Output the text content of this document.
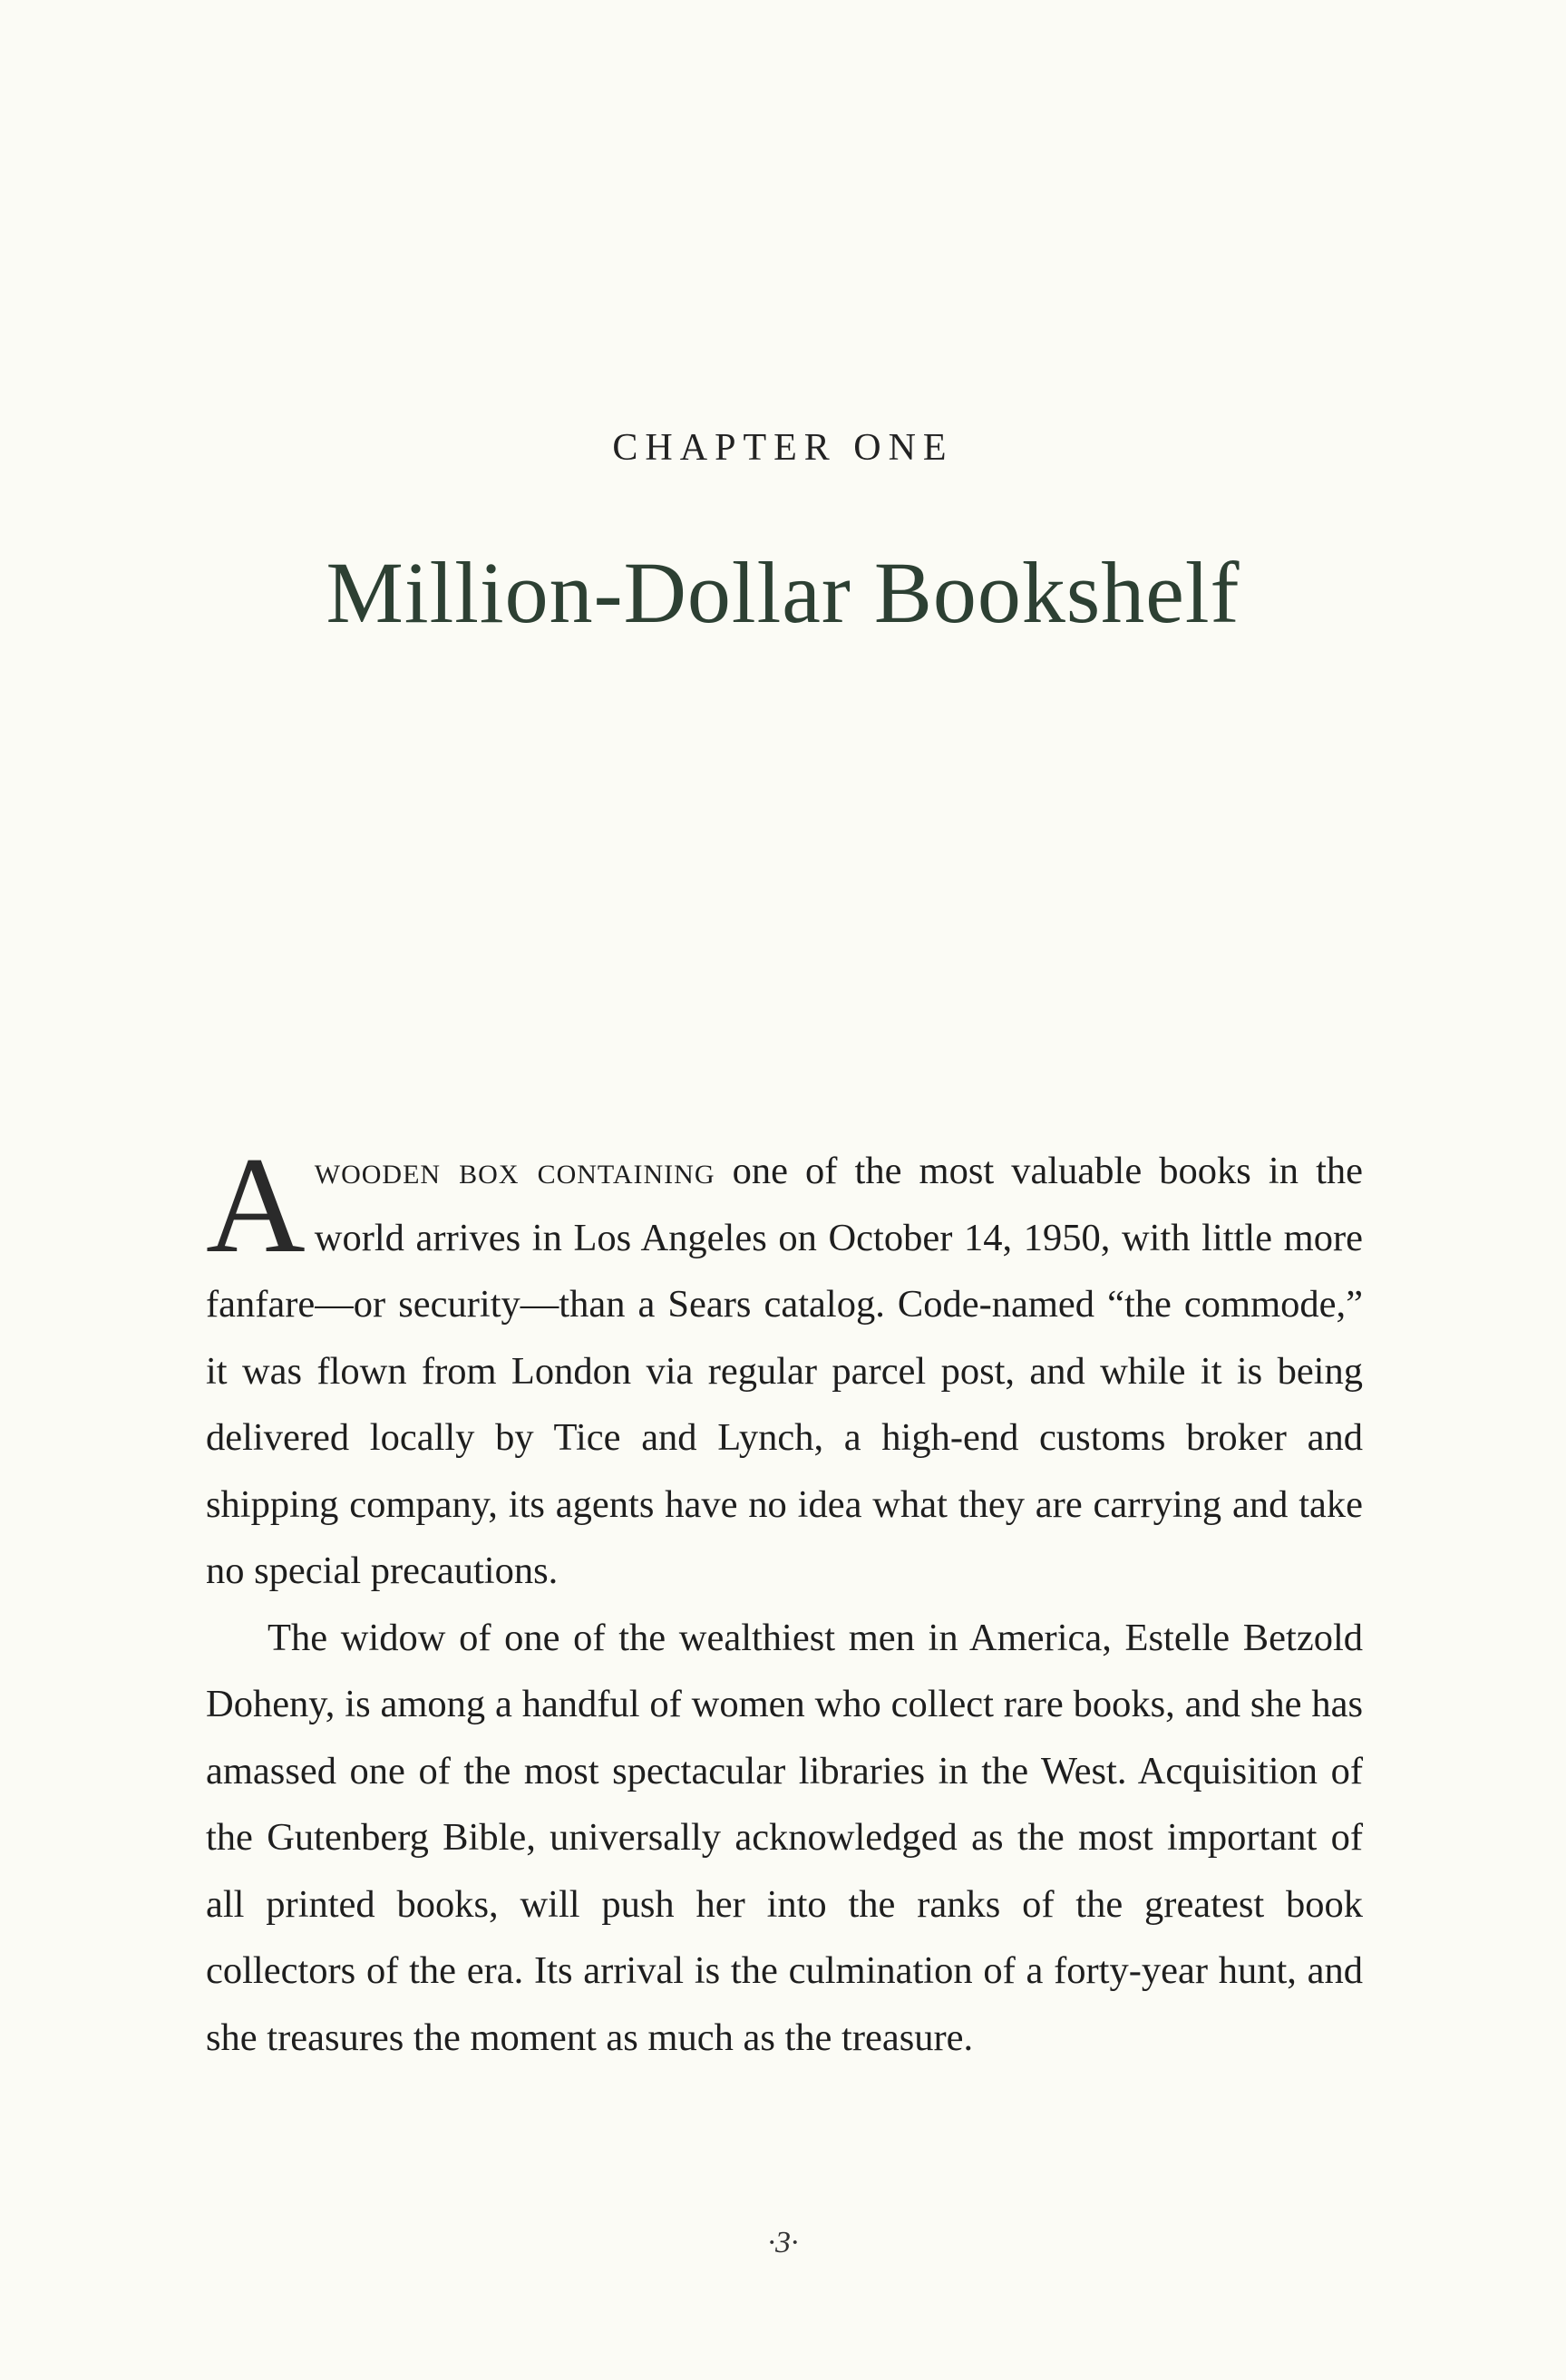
CHAPTER ONE
Million-Dollar Bookshelf

Awooden box containing one of the most valuable books in the world arrives in Los Angeles on October 14, 1950, with little more fanfare—or security—than a Sears catalog. Code-named “the commode,” it was flown from London via regular parcel post, and while it is being delivered locally by Tice and Lynch, a high-end customs broker and shipping company, its agents have no idea what they are carrying and take no special precautions.

The widow of one of the wealthiest men in America, Estelle Betzold Doheny, is among a handful of women who collect rare books, and she has amassed one of the most spectacular libraries in the West. Acquisition of the Gutenberg Bible, universally acknowledged as the most important of all printed books, will push her into the ranks of the greatest book collectors of the era. Its arrival is the culmination of a forty-year hunt, and she treasures the moment as much as the treasure.

·3·
